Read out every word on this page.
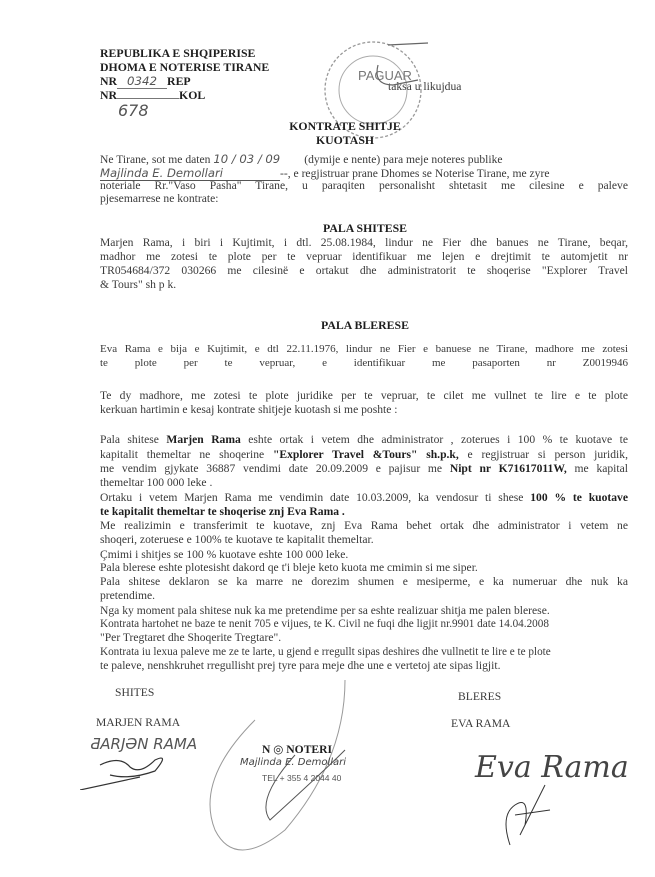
REPUBLIKA E SHQIPERISE
DHOMA E NOTERISE TIRANE
NR 0342 REP
NR	KOL
678
taksa u likujdua
PAGUAR
KONTRATE SHITJE
KUOTASH
Ne Tirane, sot me daten 10 / 03 / 09 (dymije e nente) para meje noteres publike
Majlinda E. Demollari	--, e regjistruar prane Dhomes se Noterise Tirane, me zyre
noteriale Rr."Vaso Pasha" Tirane, u paraqiten personalisht shtetasit me cilesine e paleve
pjesemarrese ne kontrate:
PALA SHITESE
Marjen Rama, i biri i Kujtimit, i dtl. 25.08.1984, lindur ne Fier dhe banues ne Tirane, beqar,
madhor me zotesi te plote per te vepruar identifikuar me lejen e drejtimit te automjetit nr
TR054684/372 030266 me cilesinë e ortakut dhe administratorit te shoqerise "Explorer Travel
& Tours" sh p k.
PALA BLERESE
Eva Rama e bija e Kujtimit, e dtl 22.11.1976, lindur ne Fier e banuese ne Tirane, madhore me zotesi
te plote per te vepruar, e identifikuar me pasaporten nr Z0019946
Te dy madhore, me zotesi te plote juridike per te vepruar, te cilet me vullnet te lire e te plote
kerkuan hartimin e kesaj kontrate shitjeje kuotash si me poshte :
Pala shitese Marjen Rama eshte ortak i vetem dhe administrator , zoterues i 100 % te kuotave te
kapitalit themeltar ne shoqerine "Explorer Travel &Tours" sh.p.k, e regjistruar si person juridik,
me vendim gjykate 36887 vendimi date 20.09.2009 e pajisur me Nipt nr K71617011W, me kapital
themeltar 100 000 leke .
Ortaku i vetem Marjen Rama me vendimin date 10.03.2009, ka vendosur ti shese 100 % te kuotave
te kapitalit themeltar te shoqerise znj Eva Rama .
Me realizimin e transferimit te kuotave, znj Eva Rama behet ortak dhe administrator i vetem ne
shoqeri, zoteruese e 100% te kuotave te kapitalit themeltar.
Çmimi i shitjes se 100 % kuotave eshte 100 000 leke.
Pala blerese eshte plotesisht dakord qe t'i bleje keto kuota me cmimin si me siper.
Pala shitese deklaron se ka marre ne dorezim shumen e mesiperme, e ka numeruar dhe nuk ka
pretendime.
Nga ky moment pala shitese nuk ka me pretendime per sa eshte realizuar shitja me palen blerese.
Kontrata hartohet ne baze te nenit 705 e vijues, te K. Civil ne fuqi dhe ligjit nr.9901 date 14.04.2008
"Per Tregtaret dhe Shoqerite Tregtare".
Kontrata iu lexua paleve me ze te larte, u gjend e rregullt sipas deshires dhe vullnetit te lire e te plote
te paleve, nenshkruhet rregullisht prej tyre para meje dhe une e vertetoj ate sipas ligjit.
SHITES
MARJEN RAMA
BLERES
EVA RAMA
ƋARJƏN RAMA	N ◎ NOTERI
Majlinda E. Demollari
TEL + 355 4 2044 40	Eva Rama
